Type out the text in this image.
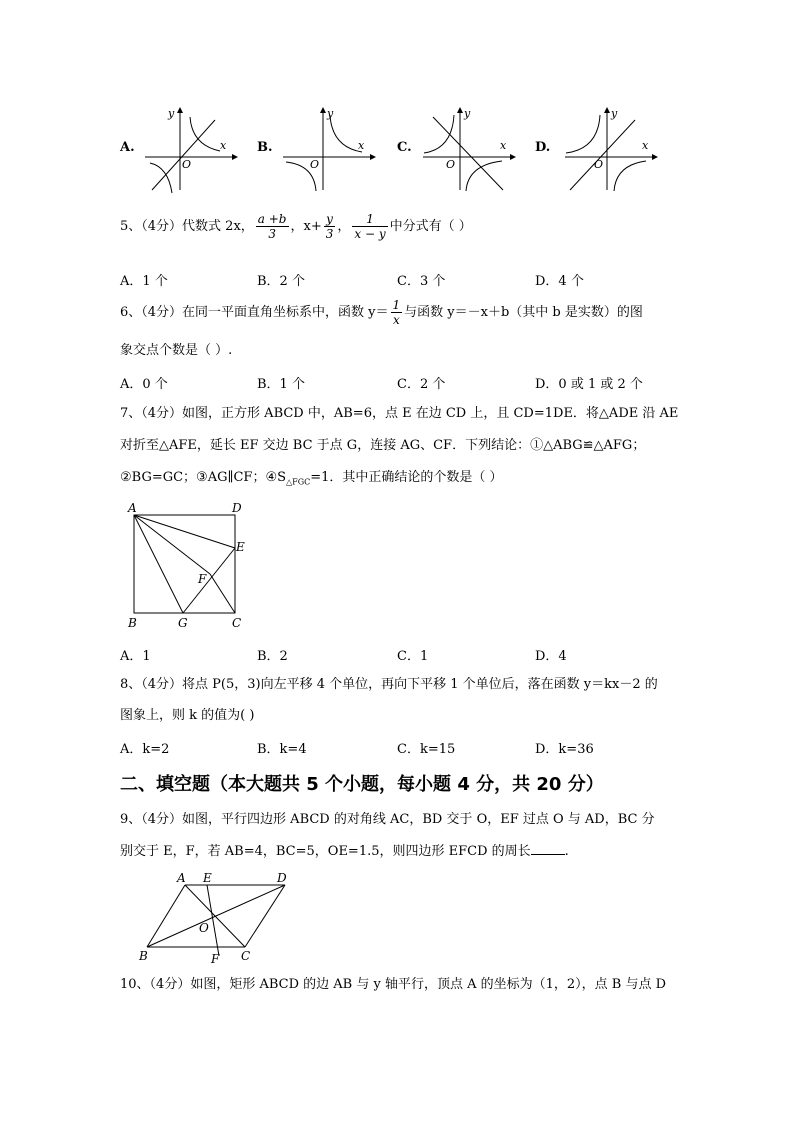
A.
y
x
O
B.
y
x
O
C.
y
x
O
D.
y
x
O
5、（4分）代数式 2x， $\frac{a +b}{3}$ ，$x+ \frac{y}{3}$ ， $\frac{1}{x - y}$ 中分式有（ ）
A．1 个	B．2 个	C．3 个	D．4 个
6、（4分）在同一平面直角坐标系中，函数 $y= \frac{1}{x}$ 与函数 y＝－x＋b（其中 b 是实数）的图
象交点个数是（ ）.
A．0 个	B．1 个	C．2 个	D．0 或 1 或 2 个
7、（4分）如图，正方形 ABCD 中，AB=6，点 E 在边 CD 上，且 CD=1DE．将△ADE 沿 AE
对折至△AFE，延长 EF 交边 BC 于点 G，连接 AG、CF．下列结论：①△ABG≌△AFG；
②BG=GC；③AG∥CF；$④S_{\triangle FGC}=1$．其中正确结论的个数是（ ）
A	D
E
F
B	G	C
A．1	B．2	C．1	D．4
8、（4分）将点 P(5，3)向左平移 4 个单位，再向下平移 1 个单位后，落在函数 y＝kx－2 的
图象上，则 k 的值为( )
A．k=2	B．k=4	C．k=15	D．k=36
二、填空题（本大题共 5 个小题，每小题 4 分，共 20 分）
9、（4分）如图，平行四边形 ABCD 的对角线 AC，BD 交于 O，EF 过点 O 与 AD，BC 分
别交于 E，F，若 AB=4，BC=5，OE=1.5，则四边形 EFCD 的周长	.
A E	D
O
B	F C
10、（4分）如图，矩形 ABCD 的边 AB 与 y 轴平行，顶点 A 的坐标为（1，2），点 B 与点 D
